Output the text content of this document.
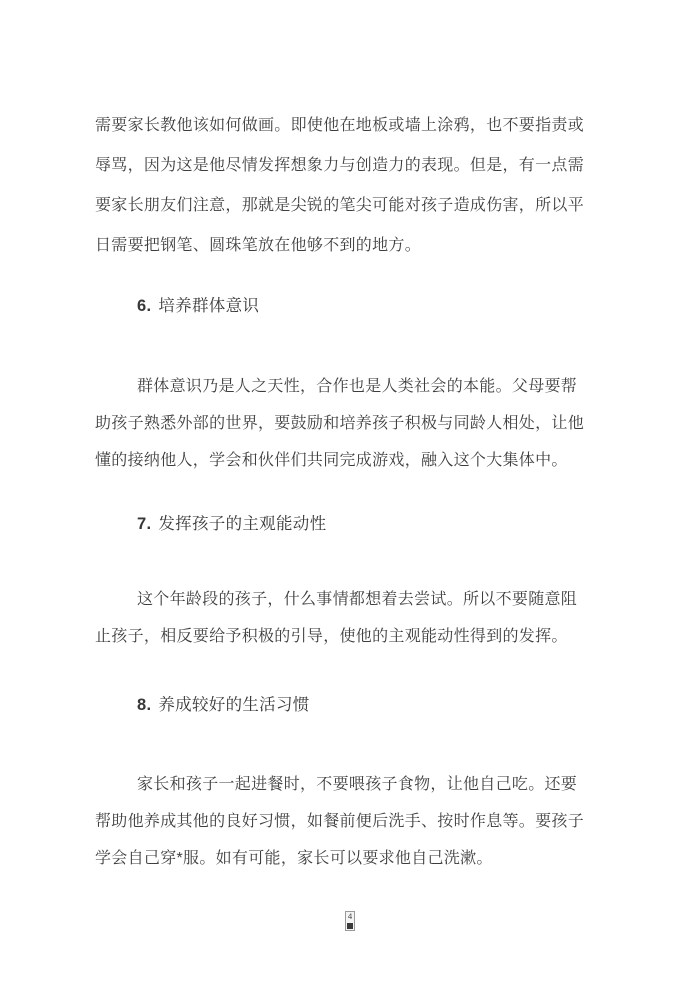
需要家长教他该如何做画。即使他在地板或墙上涂鸦，也不要指责或
辱骂，因为这是他尽情发挥想象力与创造力的表现。但是，有一点需
要家长朋友们注意，那就是尖锐的笔尖可能对孩子造成伤害，所以平
日需要把钢笔、圆珠笔放在他够不到的地方。
6. 培养群体意识
群体意识乃是人之天性，合作也是人类社会的本能。父母要帮
助孩子熟悉外部的世界，要鼓励和培养孩子积极与同龄人相处，让他
懂的接纳他人，学会和伙伴们共同完成游戏，融入这个大集体中。
7. 发挥孩子的主观能动性
这个年龄段的孩子，什么事情都想着去尝试。所以不要随意阻
止孩子，相反要给予积极的引导，使他的主观能动性得到的发挥。
8. 养成较好的生活习惯
家长和孩子一起进餐时，不要喂孩子食物，让他自己吃。还要
帮助他养成其他的良好习惯，如餐前便后洗手、按时作息等。要孩子
学会自己穿*服。如有可能，家长可以要求他自己洗漱。
4
